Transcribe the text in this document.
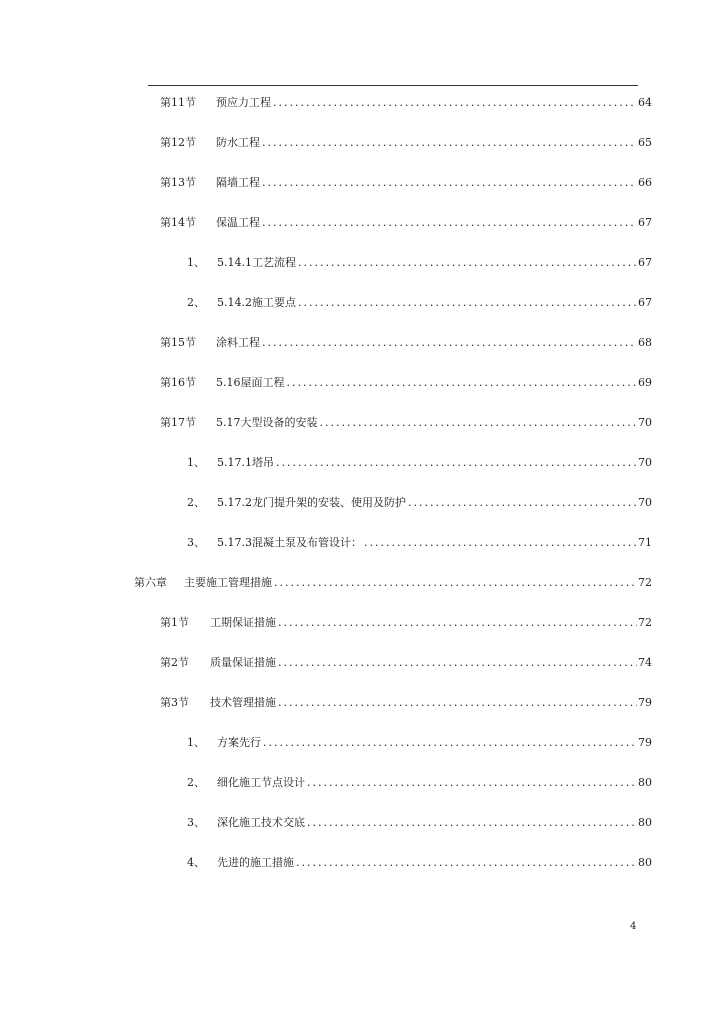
第11节	预应力工程 .....	64
第12节	防水工程 .....	65
第13节	隔墙工程 .....	66
第14节	保温工程 .....	67
1、	5.14.1工艺流程 .....	67
2、	5.14.2施工要点 .....	67
第15节	涂料工程 .....	68
第16节	5.16屋面工程 .....	69
第17节	5.17大型设备的安装 .....	70
1、	5.17.1塔吊 .....	70
2、	5.17.2龙门提升架的安装、使用及防护 .....	70
3、	5.17.3混凝土泵及布管设计： .....	71
第六章	主要施工管理措施 .....	72
第1节	工期保证措施 .....	72
第2节	质量保证措施 .....	74
第3节	技术管理措施 .....	79
1、	方案先行 .....	79
2、	细化施工节点设计 .....	80
3、	深化施工技术交底 .....	80
4、	先进的施工措施 .....	80
4
